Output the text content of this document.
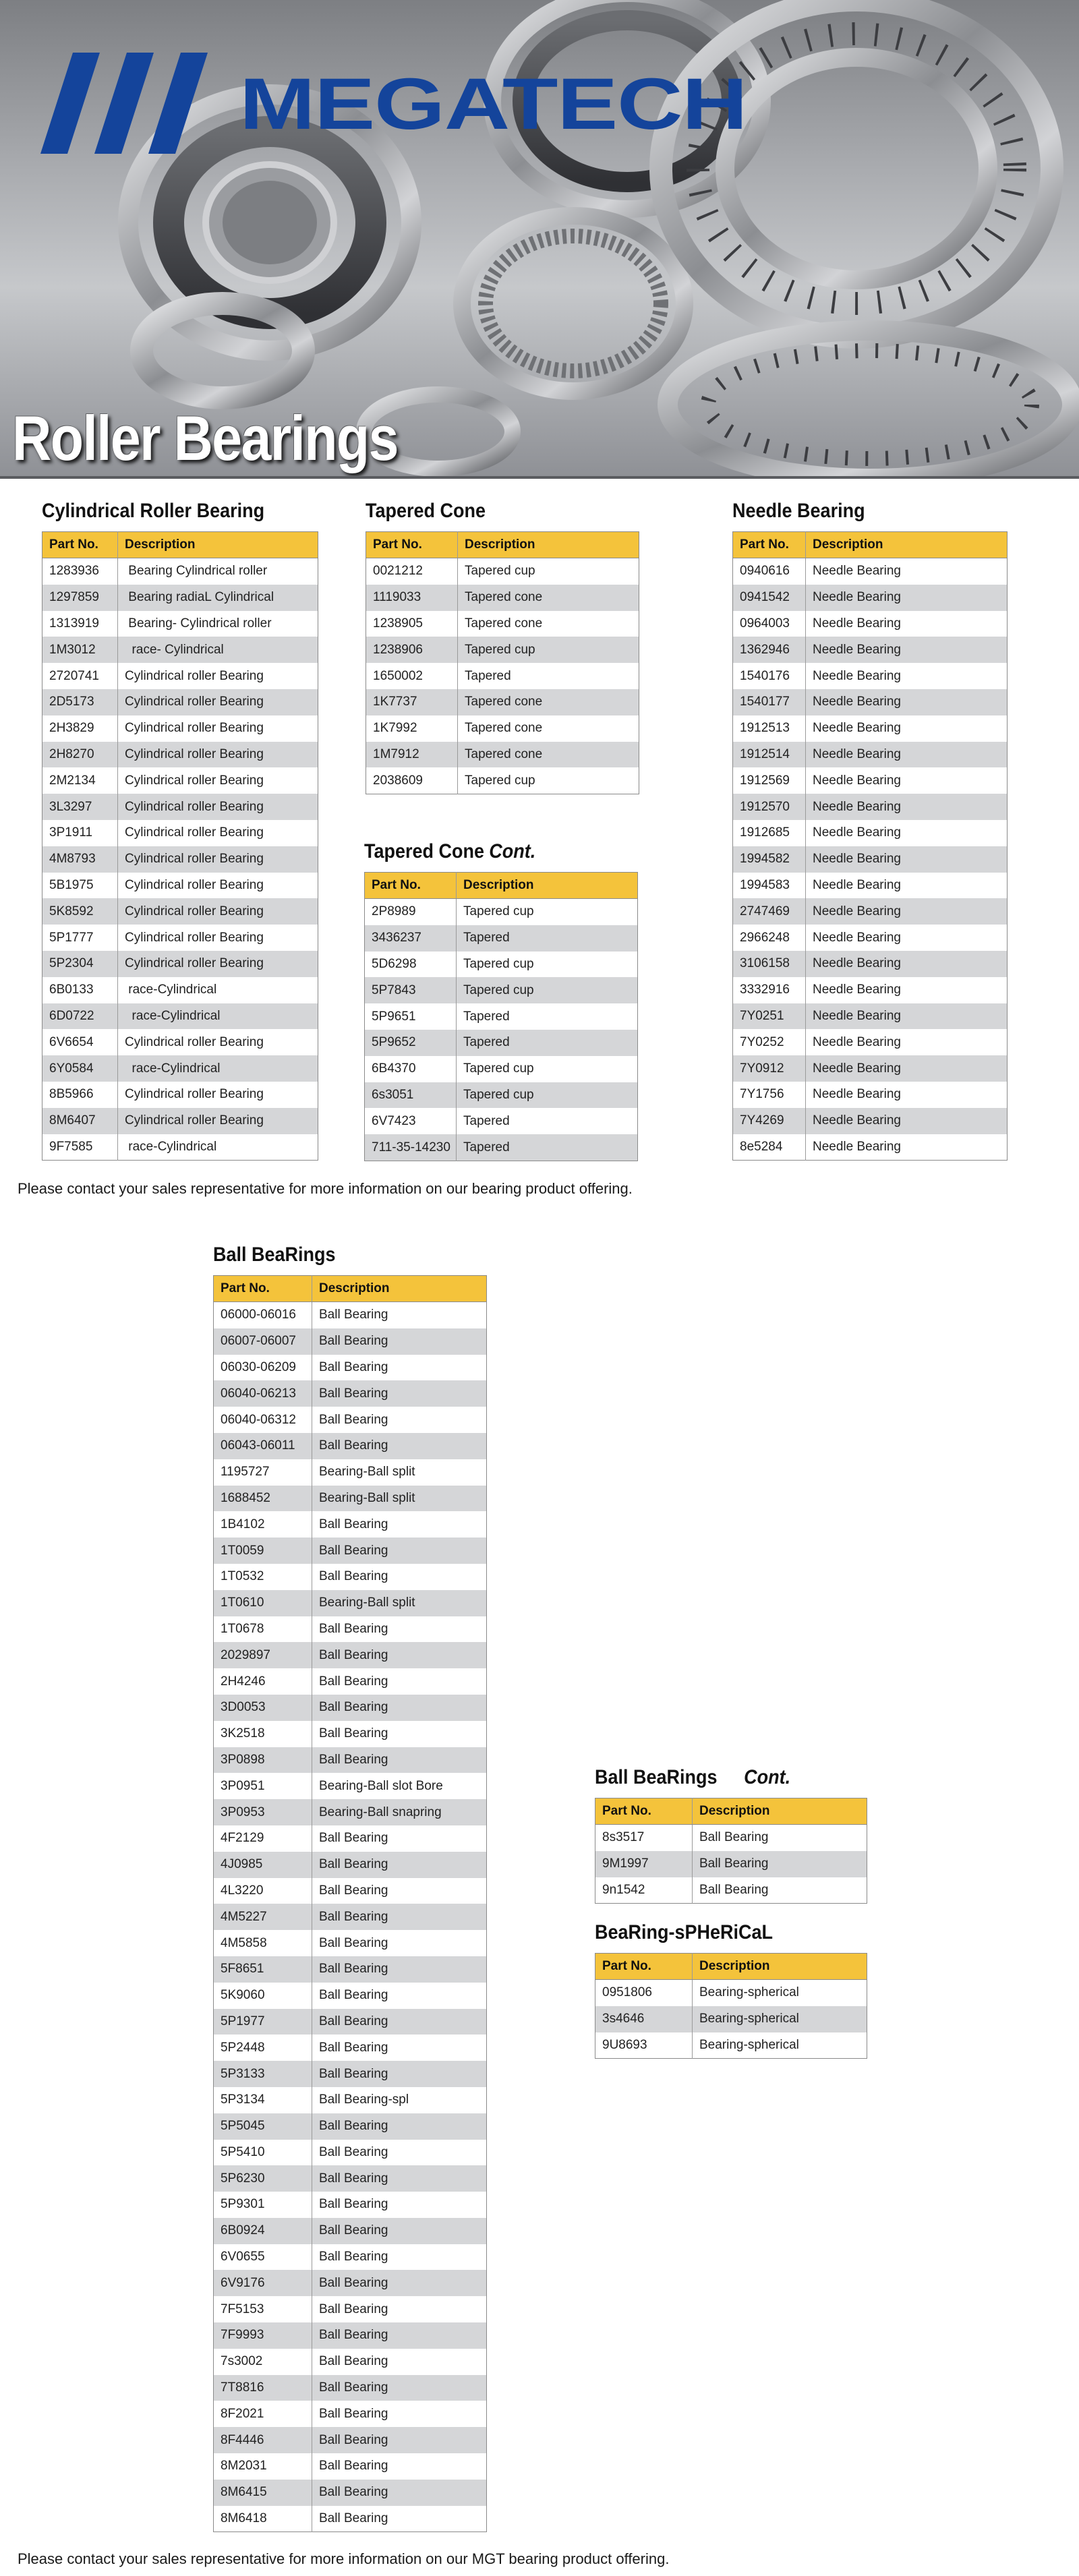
MEGATECH
Roller Bearings
Cylindrical Roller Bearing
Part No.	Description
1283936	Bearing Cylindrical roller
1297859	Bearing radiaL Cylindrical
1313919	Bearing- Cylindrical roller
1M3012	race- Cylindrical
2720741	Cylindrical roller Bearing
2D5173	Cylindrical roller Bearing
2H3829	Cylindrical roller Bearing
2H8270	Cylindrical roller Bearing
2M2134	Cylindrical roller Bearing
3L3297	Cylindrical roller Bearing
3P1911	Cylindrical roller Bearing
4M8793	Cylindrical roller Bearing
5B1975	Cylindrical roller Bearing
5K8592	Cylindrical roller Bearing
5P1777	Cylindrical roller Bearing
5P2304	Cylindrical roller Bearing
6B0133	race-Cylindrical
6D0722	race-Cylindrical
6V6654	Cylindrical roller Bearing
6Y0584	race-Cylindrical
8B5966	Cylindrical roller Bearing
8M6407	Cylindrical roller Bearing
9F7585	race-Cylindrical
Tapered Cone
Part No.	Description
0021212	Tapered cup
1119033	Tapered cone
1238905	Tapered cone
1238906	Tapered cup
1650002	Tapered
1K7737	Tapered cone
1K7992	Tapered cone
1M7912	Tapered cone
2038609	Tapered cup
Tapered Cone Cont.
Part No.	Description
2P8989	Tapered cup
3436237	Tapered
5D6298	Tapered cup
5P7843	Tapered cup
5P9651	Tapered
5P9652	Tapered
6B4370	Tapered cup
6s3051	Tapered cup
6V7423	Tapered
711-35-14230	Tapered
Needle Bearing
Part No.	Description
0940616	Needle Bearing
0941542	Needle Bearing
0964003	Needle Bearing
1362946	Needle Bearing
1540176	Needle Bearing
1540177	Needle Bearing
1912513	Needle Bearing
1912514	Needle Bearing
1912569	Needle Bearing
1912570	Needle Bearing
1912685	Needle Bearing
1994582	Needle Bearing
1994583	Needle Bearing
2747469	Needle Bearing
2966248	Needle Bearing
3106158	Needle Bearing
3332916	Needle Bearing
7Y0251	Needle Bearing
7Y0252	Needle Bearing
7Y0912	Needle Bearing
7Y1756	Needle Bearing
7Y4269	Needle Bearing
8e5284	Needle Bearing
Please contact your sales representative for more information on our bearing product offering.
Ball BeaRings
Part No.	Description
06000-06016	Ball Bearing
06007-06007	Ball Bearing
06030-06209	Ball Bearing
06040-06213	Ball Bearing
06040-06312	Ball Bearing
06043-06011	Ball Bearing
1195727	Bearing-Ball split
1688452	Bearing-Ball split
1B4102	Ball Bearing
1T0059	Ball Bearing
1T0532	Ball Bearing
1T0610	Bearing-Ball split
1T0678	Ball Bearing
2029897	Ball Bearing
2H4246	Ball Bearing
3D0053	Ball Bearing
3K2518	Ball Bearing
3P0898	Ball Bearing
3P0951	Bearing-Ball slot Bore
3P0953	Bearing-Ball snapring
4F2129	Ball Bearing
4J0985	Ball Bearing
4L3220	Ball Bearing
4M5227	Ball Bearing
4M5858	Ball Bearing
5F8651	Ball Bearing
5K9060	Ball Bearing
5P1977	Ball Bearing
5P2448	Ball Bearing
5P3133	Ball Bearing
5P3134	Ball Bearing-spl
5P5045	Ball Bearing
5P5410	Ball Bearing
5P6230	Ball Bearing
5P9301	Ball Bearing
6B0924	Ball Bearing
6V0655	Ball Bearing
6V9176	Ball Bearing
7F5153	Ball Bearing
7F9993	Ball Bearing
7s3002	Ball Bearing
7T8816	Ball Bearing
8F2021	Ball Bearing
8F4446	Ball Bearing
8M2031	Ball Bearing
8M6415	Ball Bearing
8M6418	Ball Bearing
Ball BeaRings Cont.
Part No.	Description
8s3517	Ball Bearing
9M1997	Ball Bearing
9n1542	Ball Bearing
BeaRing-sPHeRiCaL
Part No.	Description
0951806	Bearing-spherical
3s4646	Bearing-spherical
9U8693	Bearing-spherical
Please contact your sales representative for more information on our MGT bearing product offering.
